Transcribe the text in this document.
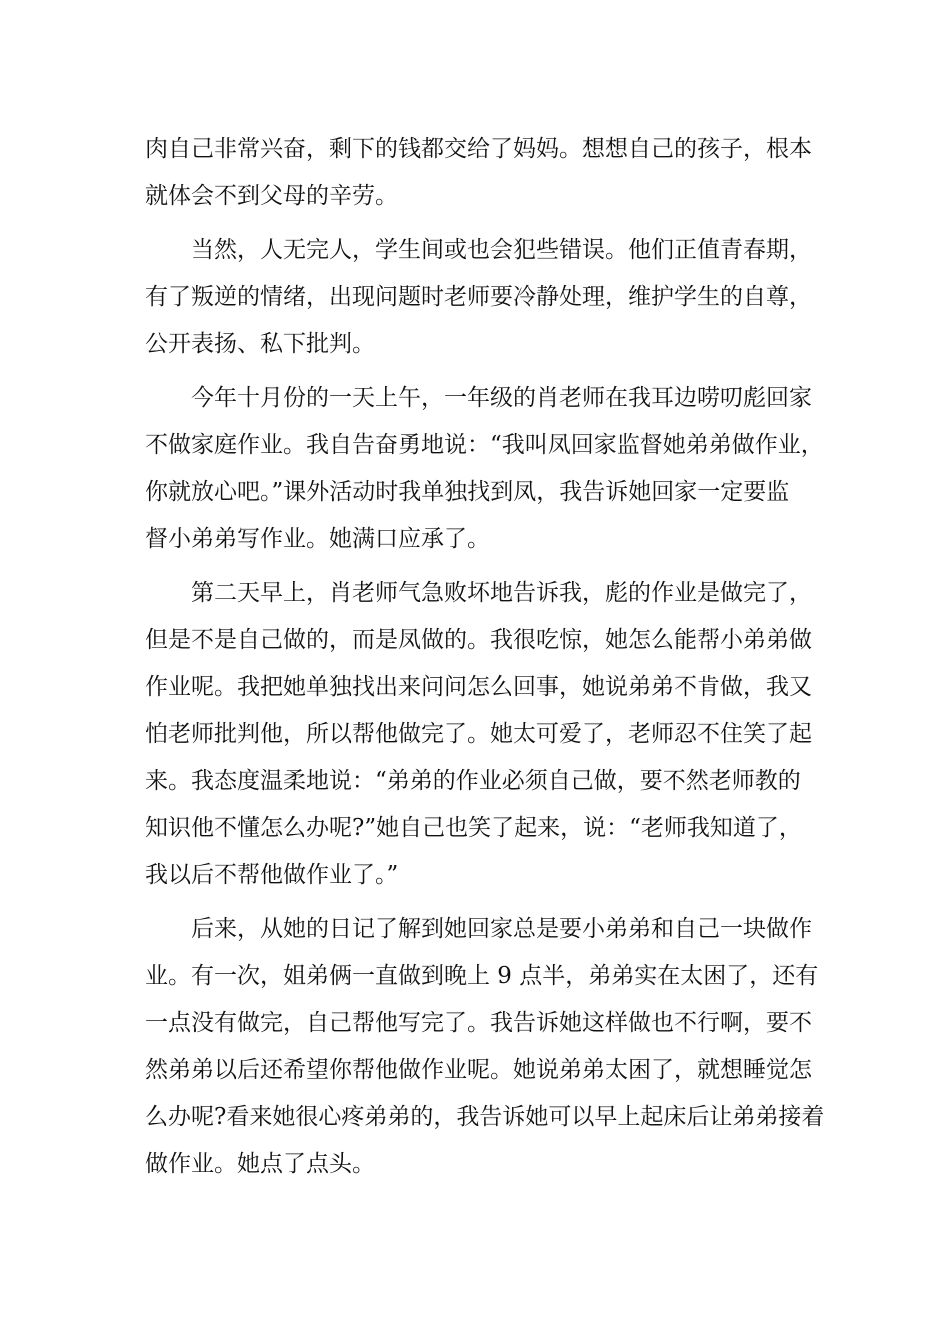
肉自己非常兴奋，剩下的钱都交给了妈妈。想想自己的孩子，根本
就体会不到父母的辛劳。
当然，人无完人，学生间或也会犯些错误。他们正值青春期，
有了叛逆的情绪，出现问题时老师要冷静处理，维护学生的自尊，
公开表扬、私下批判。
今年十月份的一天上午，一年级的肖老师在我耳边唠叨彪回家
不做家庭作业。我自告奋勇地说：“我叫凤回家监督她弟弟做作业，
你就放心吧。”课外活动时我单独找到凤，我告诉她回家一定要监
督小弟弟写作业。她满口应承了。
第二天早上，肖老师气急败坏地告诉我，彪的作业是做完了，
但是不是自己做的，而是凤做的。我很吃惊，她怎么能帮小弟弟做
作业呢。我把她单独找出来问问怎么回事，她说弟弟不肯做，我又
怕老师批判他，所以帮他做完了。她太可爱了，老师忍不住笑了起
来。我态度温柔地说：“弟弟的作业必须自己做，要不然老师教的
知识他不懂怎么办呢?”她自己也笑了起来，说：“老师我知道了，
我以后不帮他做作业了。”
后来，从她的日记了解到她回家总是要小弟弟和自己一块做作
业。有一次，姐弟俩一直做到晚上 9 点半，弟弟实在太困了，还有
一点没有做完，自己帮他写完了。我告诉她这样做也不行啊，要不
然弟弟以后还希望你帮他做作业呢。她说弟弟太困了，就想睡觉怎
么办呢?看来她很心疼弟弟的，我告诉她可以早上起床后让弟弟接着
做作业。她点了点头。
